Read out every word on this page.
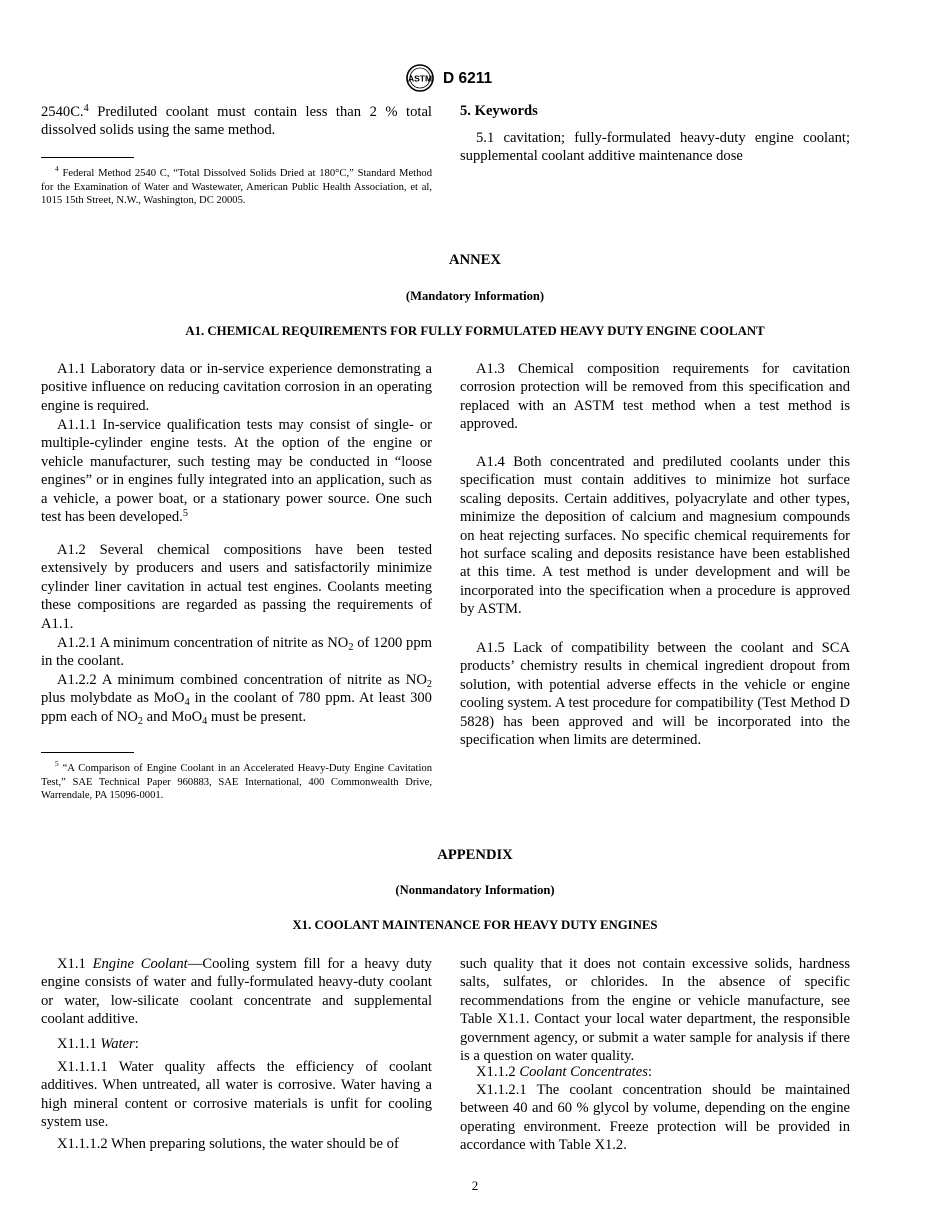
ASTM D 6211

2540C.$^4$ Prediluted coolant must contain less than 2 % total dissolved solids using the same method.

$^4$ Federal Method 2540 C, “Total Dissolved Solids Dried at 180°C,” Standard Method for the Examination of Water and Wastewater, American Public Health Association, et al, 1015 15th Street, N.W., Washington, DC 20005.

5. Keywords

5.1 cavitation; fully-formulated heavy-duty engine coolant; supplemental coolant additive maintenance dose

ANNEX
(Mandatory Information)
A1. CHEMICAL REQUIREMENTS FOR FULLY FORMULATED HEAVY DUTY ENGINE COOLANT

A1.1 Laboratory data or in-service experience demonstrating a positive influence on reducing cavitation corrosion in an operating engine is required.

A1.1.1 In-service qualification tests may consist of single- or multiple-cylinder engine tests. At the option of the engine or vehicle manufacturer, such testing may be conducted in “loose engines” or in engines fully integrated into an application, such as a vehicle, a power boat, or a stationary power source. One such test has been developed.$^5$

A1.2 Several chemical compositions have been tested extensively by producers and users and satisfactorily minimize cylinder liner cavitation in actual test engines. Coolants meeting these compositions are regarded as passing the requirements of A1.1.

A1.2.1 A minimum concentration of nitrite as $NO_2$ of 1200 ppm in the coolant.

A1.2.2 A minimum combined concentration of nitrite as $NO_2$ plus molybdate as MoO$_4$ in the coolant of 780 ppm. At least 300 ppm each of $NO_2$ and MoO$_4$ must be present.

$^5$ “A Comparison of Engine Coolant in an Accelerated Heavy-Duty Engine Cavitation Test,” SAE Technical Paper 960883, SAE International, 400 Commonwealth Drive, Warrendale, PA 15096-0001.

A1.3 Chemical composition requirements for cavitation corrosion protection will be removed from this specification and replaced with an ASTM test method when a test method is approved.

A1.4 Both concentrated and prediluted coolants under this specification must contain additives to minimize hot surface scaling deposits. Certain additives, polyacrylate and other types, minimize the deposition of calcium and magnesium compounds on heat rejecting surfaces. No specific chemical requirements for hot surface scaling and deposits resistance have been established at this time. A test method is under development and will be incorporated into the specification when a procedure is approved by ASTM.

A1.5 Lack of compatibility between the coolant and SCA products’ chemistry results in chemical ingredient dropout from solution, with potential adverse effects in the vehicle or engine cooling system. A test procedure for compatibility (Test Method D 5828) has been approved and will be incorporated into the specification when limits are determined.

APPENDIX
(Nonmandatory Information)
X1. COOLANT MAINTENANCE FOR HEAVY DUTY ENGINES

X1.1 Engine Coolant—Cooling system fill for a heavy duty engine consists of water and fully-formulated heavy-duty coolant or water, low-silicate coolant concentrate and supplemental coolant additive.

X1.1.1 Water:

X1.1.1.1 Water quality affects the efficiency of coolant additives. When untreated, all water is corrosive. Water having a high mineral content or corrosive materials is unfit for cooling system use.

X1.1.1.2 When preparing solutions, the water should be of

such quality that it does not contain excessive solids, hardness salts, sulfates, or chlorides. In the absence of specific recommendations from the engine or vehicle manufacture, see Table X1.1. Contact your local water department, the responsible government agency, or submit a water sample for analysis if there is a question on water quality.

X1.1.2 Coolant Concentrates:

X1.1.2.1 The coolant concentration should be maintained between 40 and 60 % glycol by volume, depending on the engine operating environment. Freeze protection will be provided in accordance with Table X1.2.

2
